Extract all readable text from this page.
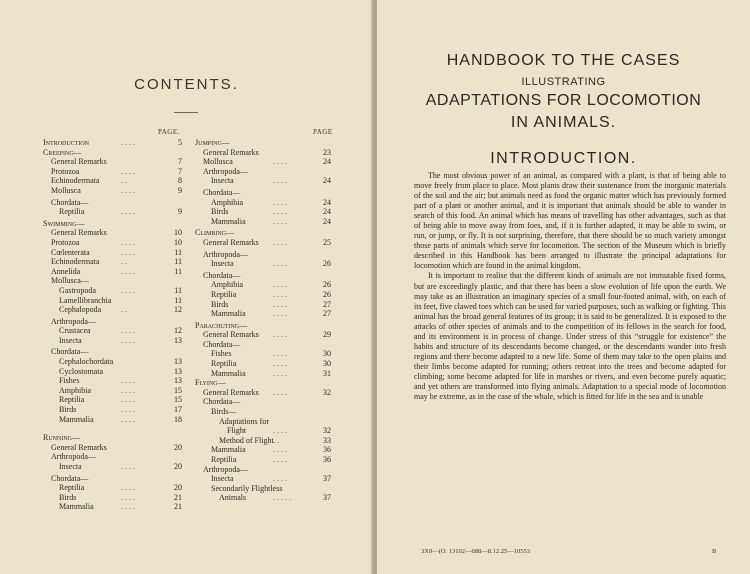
CONTENTS.
PAGE.	PAGE
Introduction	. . . .	5
Creeping—
General Remarks	7
Protozoa	. . . .	7
Echinodermata	. .	8
Mollusca	. . . .	9
Chordata—
Reptilia	. . . .	9
Swimming—
General Remarks	10
Protozoa	. . . .	10
Cœlenterata	. . . .	11
Echinodermata	. .	11
Annelida	. . . .	11
Mollusca—
Gastropoda	. . . .	11
Lamellibranchia	11
Cephalopoda . .	12
Arthropoda—
Crustacea	. . . .	12
Insecta	. . . .	13
Chordata—
Cephalochordata	13
Cyclostomata	13
Fishes	. . . .	13
Amphibia	. . . .	15
Reptilia	. . . .	15
Birds	. . . .	17
Mammalia	. . . .	18
Running—
General Remarks	20
Arthropoda—
Insecta	. . . .	20
Chordata—
Reptilia	. . . .	20
Birds	. . . .	21
Mammalia	. . . .	21
Jumping—
General Remarks	23
Mollusca	. . . .	24
Arthropoda—
Insecta	. . . .	24
Chordata—
Amphibia	. . . .	24
Birds	. . . .	24
Mammalia	. . . .	24
Climbing—
General Remarks . . . .	25
Arthropoda—
Insecta	. . . .	26
Chordata—
Amphibia	. . . .	26
Reptilia	. . . .	26
Birds	. . . .	27
Mammalia	. . . .	27
Parachuting—
General Remarks . . . .	29
Chordata—
Fishes	. . . .	30
Reptilia	. . . .	30
Mammalia	. . . .	31
Flying—
General Remarks . . . .	32
Chordata—
Birds—
Adaptations for
Flight	. . . .	32
Method of Flight . .	33
Mammalia	. . . .	36
Reptilia	. . . .	36
Arthropoda—
Insecta	. . . .	37
Secondarily Flightless
Animals	. . . . .	37
HANDBOOK TO THE CASES
ILLUSTRATING
ADAPTATIONS FOR LOCOMOTION
IN ANIMALS.
INTRODUCTION.

The most obvious power of an animal, as compared with a plant, is that of being able to move freely from place to place. Most plants draw their sustenance from the inorganic materials of the soil and the air; but animals need as food the organic matter which has previously formed part of a plant or another animal, and it is important that animals should be able to wander in search of this food. An animal which has means of travelling has other advantages, such as that of being able to move away from foes, and, if it is further adapted, it may be able to swim, or run, or jump, or fly. It is not surprising, therefore, that there should be so much variety amongst those parts of animals which serve for locomotion. The section of the Museum which is briefly described in this Handbook has been arranged to illustrate the principal adaptations for locomotion which are found in the animal kingdom.

It is important to realise that the different kinds of animals are not immutable fixed forms, but are exceedingly plastic, and that there has been a slow evolution of life upon the earth. We may take as an illustration an imaginary species of a small four-footed animal, with, on each of its feet, five clawed toes which can be used for varied purposes, such as walking or fighting. This animal has the broad general features of its group; it is said to be generalized. It is exposed to the attacks of other species of animals and to the competition of its fellows in the search for food, and its environment is in process of change. Under stress of this “struggle for existence” the habits and structure of its descendants become changed, or the descendants wander into fresh regions and there become adapted to a new life. Some of them may take to the open plains and their limbs become adapted for running; others retreat into the trees and become adapted for climbing; some become adapted for life in marshes or rivers, and even become purely aquatic; and yet others are transformed into flying animals. Adaptation to a special mode of locomotion may be extreme, as in the case of the whale, which is fitted for life in the sea and is unable

3X0—(O. 13102—688—8.12.25—10553	B
